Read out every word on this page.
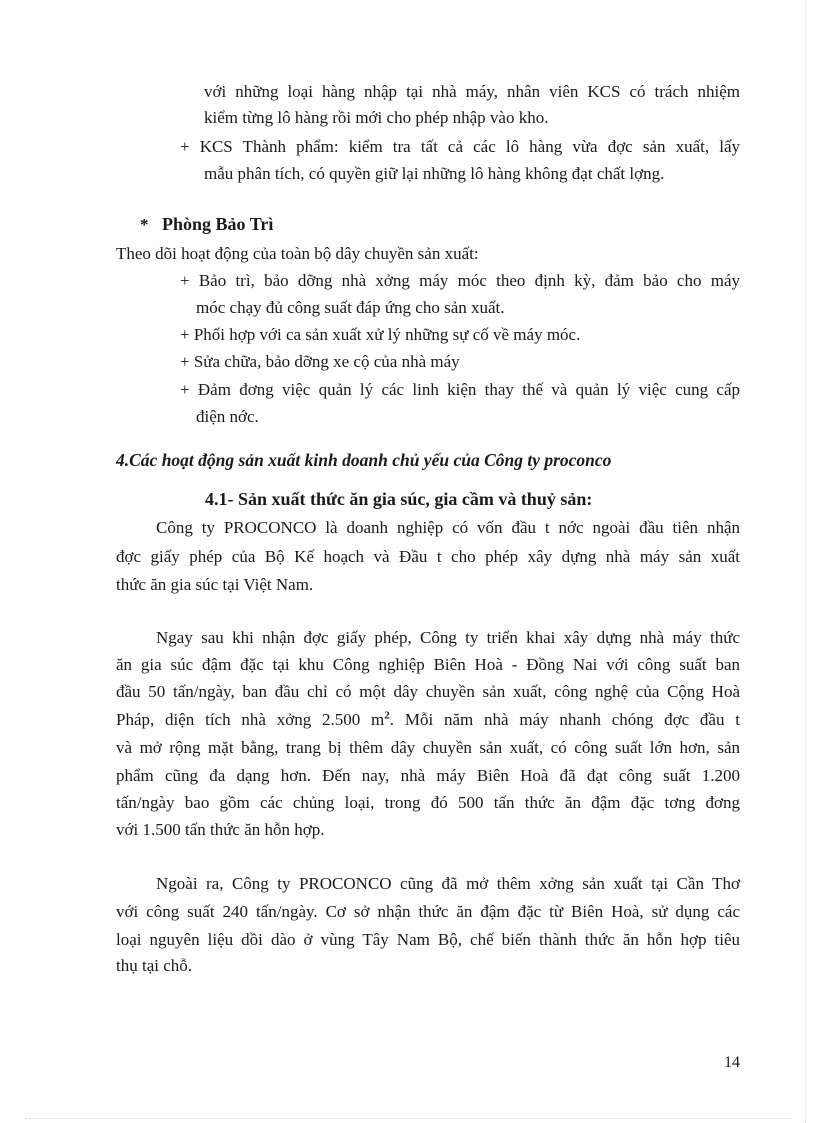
với những loại hàng nhập tại nhà máy, nhân viên KCS có trách nhiệm
kiểm từng lô hàng rồi mới cho phép nhập vào kho.
+ KCS Thành phẩm: kiểm tra tất cả các lô hàng vừa đợc sản xuất, lấy
mẫu phân tích, có quyền giữ lại những lô hàng không đạt chất lợng.
* Phòng Bảo Trì
Theo dõi hoạt động của toàn bộ dây chuyền sản xuất:
+ Bảo trì, bảo dỡng nhà xởng máy móc theo định kỳ, đảm bảo cho máy
móc chạy đủ công suất đáp ứng cho sản xuất.
+ Phối hợp với ca sản xuất xử lý những sự cố về máy móc.
+ Sửa chữa, bảo dỡng xe cộ của nhà máy
+ Đảm đơng việc quản lý các linh kiện thay thế và quản lý việc cung cấp
điện nớc.
4.Các hoạt động sản xuất kinh doanh chủ yếu của Công ty proconco
4.1- Sản xuất thức ăn gia súc, gia cầm và thuỷ sản:
Công ty PROCONCO là doanh nghiệp có vốn đầu t nớc ngoài đầu tiên nhận
đợc giấy phép của Bộ Kế hoạch và Đầu t cho phép xây dựng nhà máy sản xuất
thức ăn gia súc tại Việt Nam.
Ngay sau khi nhận đợc giấy phép, Công ty triển khai xây dựng nhà máy thức
ăn gia súc đậm đặc tại khu Công nghiệp Biên Hoà - Đồng Nai với công suất ban
đầu 50 tấn/ngày, ban đầu chỉ có một dây chuyền sản xuất, công nghệ của Cộng Hoà
Pháp, diện tích nhà xởng 2.500 $m^2$. Mỗi năm nhà máy nhanh chóng đợc đầu t
và mở rộng mặt bằng, trang bị thêm dây chuyền sản xuất, có công suất lớn hơn, sản
phẩm cũng đa dạng hơn. Đến nay, nhà máy Biên Hoà đã đạt công suất 1.200
tấn/ngày bao gồm các chủng loại, trong đó 500 tấn thức ăn đậm đặc tơng đơng
với 1.500 tấn thức ăn hỗn hợp.
Ngoài ra, Công ty PROCONCO cũng đã mở thêm xởng sản xuất tại Cần Thơ
với công suất 240 tấn/ngày. Cơ sở nhận thức ăn đậm đặc từ Biên Hoà, sử dụng các
loại nguyên liệu dồi dào ở vùng Tây Nam Bộ, chế biến thành thức ăn hỗn hợp tiêu
thụ tại chỗ.
14
